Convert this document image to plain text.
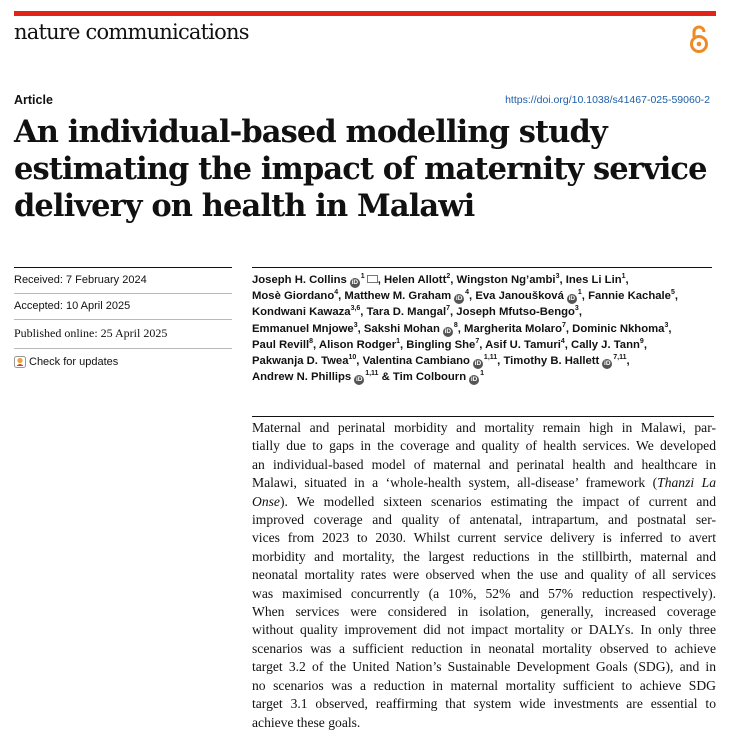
nature communications
Article	https://doi.org/10.1038/s41467-025-59060-2
An individual-based modelling study
estimating the impact of maternity service
delivery on health in Malawi
Received: 7 February 2024
Accepted: 10 April 2025
Published online: 25 April 2025
Check for updates
Joseph H. Collins $iD^1$ , Helen Allott$^2$, Wingston Ng’ambi$^3$, Ines Li Lin$^1$,
Mosè Giordano$^4$, Matthew M. Graham $iD^4$, Eva Janoušková $iD^1$, Fannie Kachale$^5$,
Kondwani Kawaza$^{3,6}$, Tara D. Mangal$^7$, Joseph Mfutso-Bengo$^3$,
Emmanuel Mnjowe$^3$, Sakshi Mohan $iD^8$, Margherita Molaro$^7$, Dominic Nkhoma$^3$,
Paul Revill$^8$, Alison Rodger$^1$, Bingling She$^7$, Asif U. Tamuri$^4$, Cally J. Tann$^9$,
Pakwanja D. Twea$^{10}$, Valentina Cambiano iD$^{1,11}$, Timothy B. Hallett iD$^{7,11}$,
Andrew N. Phillips iD$^{1,11}$ & Tim Colbourn $iD^1$
Maternal and perinatal morbidity and mortality remain high in Malawi, par-
tially due to gaps in the coverage and quality of health services. We developed
an individual-based model of maternal and perinatal health and healthcare in
Malawi, situated in a ‘whole-health system, all-disease’ framework (Thanzi La
Onse). We modelled sixteen scenarios estimating the impact of current and
improved coverage and quality of antenatal, intrapartum, and postnatal ser-
vices from 2023 to 2030. Whilst current service delivery is inferred to avert
morbidity and mortality, the largest reductions in the stillbirth, maternal and
neonatal mortality rates were observed when the use and quality of all services
was maximised concurrently (a 10%, 52% and 57% reduction respectively).
When services were considered in isolation, generally, increased coverage
without quality improvement did not impact mortality or DALYs. In only three
scenarios was a sufficient reduction in neonatal mortality observed to achieve
target 3.2 of the United Nation’s Sustainable Development Goals (SDG), and in
no scenarios was a reduction in maternal mortality sufficient to achieve SDG
target 3.1 observed, reaffirming that system wide investments are essential to
achieve these goals.
